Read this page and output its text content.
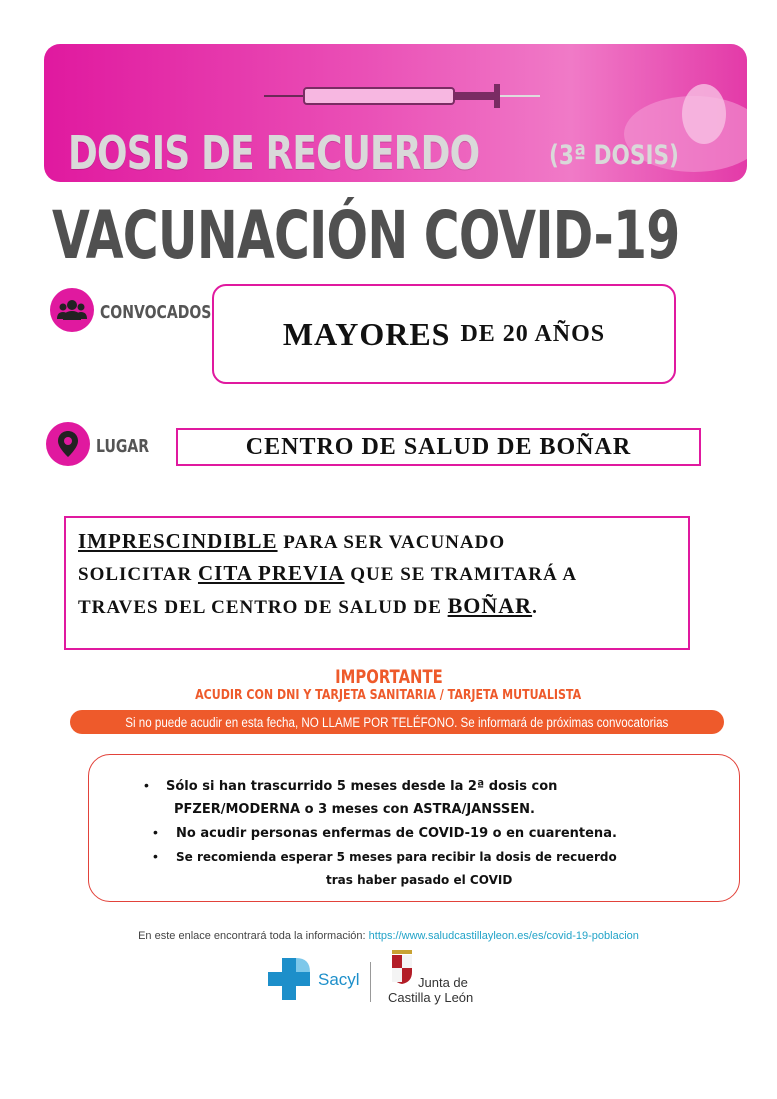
DOSIS DE RECUERDO	(3ª DOSIS)
VACUNACIÓN COVID-19
CONVOCADOS
MAYORES DE 20 AÑOS
LUGAR	CENTRO DE SALUD DE BOÑAR
IMPRESCINDIBLE PARA SER VACUNADO
SOLICITAR CITA PREVIA QUE SE TRAMITARÁ A
TRAVES DEL CENTRO DE SALUD DE BOÑAR.
IMPORTANTE
ACUDIR CON DNI Y TARJETA SANITARIA / TARJETA MUTUALISTA
Si no puede acudir en esta fecha, NO LLAME POR TELÉFONO. Se informará de próximas convocatorias
• Sólo si han trascurrido 5 meses desde la 2ª dosis con
PFZER/MODERNA o 3 meses con ASTRA/JANSSEN.
• No acudir personas enfermas de COVID-19 o en cuarentena.
• Se recomienda esperar 5 meses para recibir la dosis de recuerdo
tras haber pasado el COVID
En este enlace encontrará toda la información: https://www.saludcastillayleon.es/es/covid-19-poblacion
Sacyl	Junta de
Castilla y León
